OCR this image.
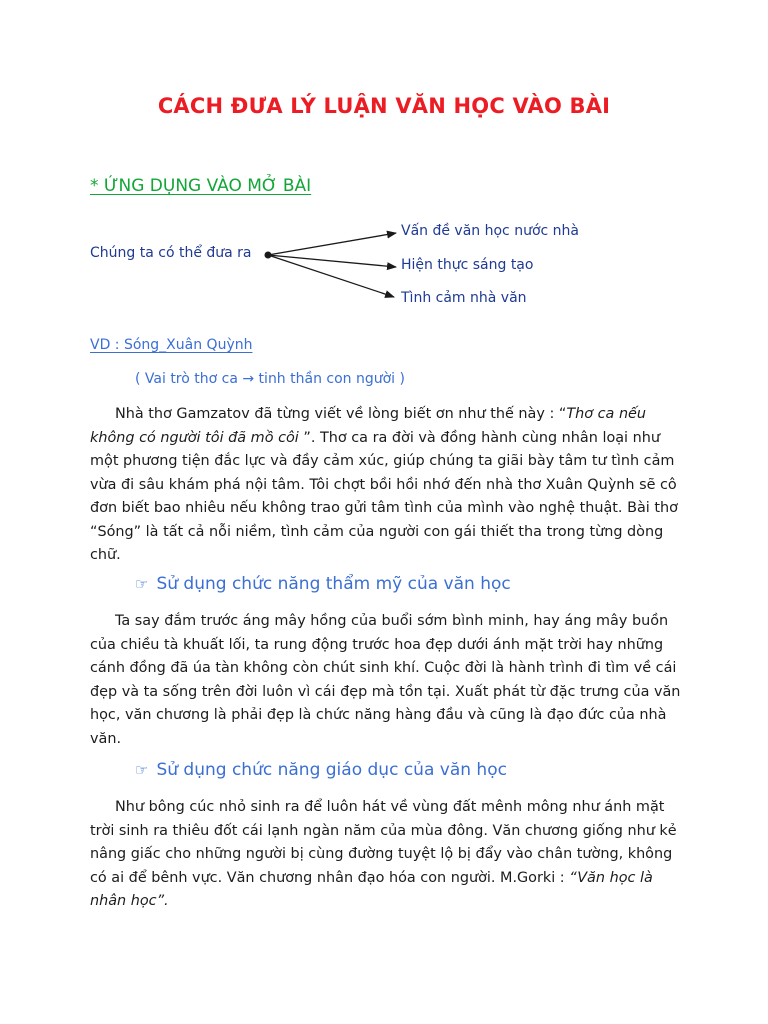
CÁCH ĐƯA LÝ LUẬN VĂN HỌC VÀO BÀI
* ỨNG DỤNG VÀO MỞ BÀI
Chúng ta có thể đưa ra
Vấn đề văn học nước nhà
Hiện thực sáng tạo
Tình cảm nhà văn
VD : Sóng_Xuân Quỳnh
( Vai trò thơ ca → tinh thần con người )
Nhà thơ Gamzatov đã từng viết về lòng biết ơn như thế này : “Thơ ca nếu không có người tôi đã mồ côi ”. Thơ ca ra đời và đồng hành cùng nhân loại như một phương tiện đắc lực và đầy cảm xúc, giúp chúng ta giãi bày tâm tư tình cảm vừa đi sâu khám phá nội tâm. Tôi chợt bồi hồi nhớ đến nhà thơ Xuân Quỳnh sẽ cô đơn biết bao nhiêu nếu không trao gửi tâm tình của mình vào nghệ thuật. Bài thơ “Sóng” là tất cả nỗi niềm, tình cảm của người con gái thiết tha trong từng dòng chữ.
☞ Sử dụng chức năng thẩm mỹ của văn học
Ta say đắm trước áng mây hồng của buổi sớm bình minh, hay áng mây buồn của chiều tà khuất lối, ta rung động trước hoa đẹp dưới ánh mặt trời hay những cánh đồng đã úa tàn không còn chút sinh khí. Cuộc đời là hành trình đi tìm về cái đẹp và ta sống trên đời luôn vì cái đẹp mà tồn tại. Xuất phát từ đặc trưng của văn học, văn chương là phải đẹp là chức năng hàng đầu và cũng là đạo đức của nhà văn.
☞ Sử dụng chức năng giáo dục của văn học
Như bông cúc nhỏ sinh ra để luôn hát về vùng đất mênh mông như ánh mặt trời sinh ra thiêu đốt cái lạnh ngàn năm của mùa đông. Văn chương giống như kẻ nâng giấc cho những người bị cùng đường tuyệt lộ bị đẩy vào chân tường, không có ai để bênh vực. Văn chương nhân đạo hóa con người. M.Gorki : “Văn học là nhân học”.
